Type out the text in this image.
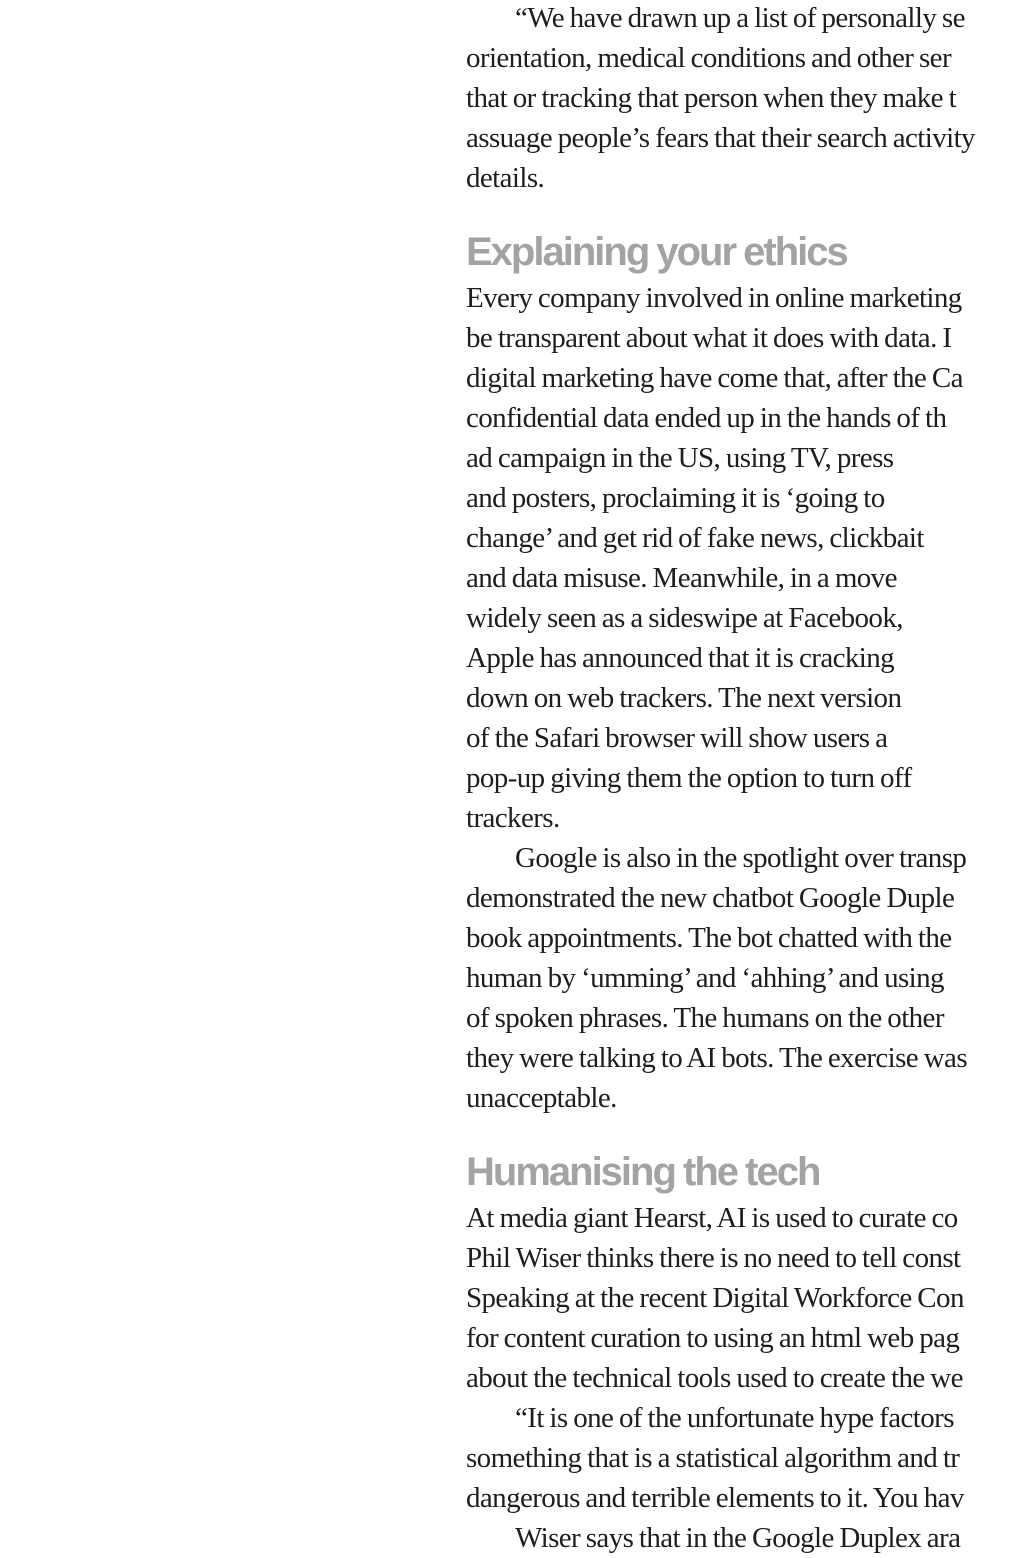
“We have drawn up a list of personally se
orientation, medical conditions and other ser
that or tracking that person when they make t
assuage people’s fears that their search activity
details.
Explaining your ethics
Every company involved in online marketing
be transparent about what it does with data. I
digital marketing have come that, after the Ca
confidential data ended up in the hands of th
ad campaign in the US, using TV, press
and posters, proclaiming it is ‘going to
change’ and get rid of fake news, clickbait
and data misuse. Meanwhile, in a move
widely seen as a sideswipe at Facebook,
Apple has announced that it is cracking
down on web trackers. The next version
of the Safari browser will show users a
pop-up giving them the option to turn off
trackers.
Google is also in the spotlight over transp
demonstrated the new chatbot Google Duple
book appointments. The bot chatted with the
human by ‘umming’ and ‘ahhing’ and using
of spoken phrases. The humans on the other
they were talking to AI bots. The exercise was
unacceptable.
Humanising the tech
At media giant Hearst, AI is used to curate co
Phil Wiser thinks there is no need to tell const
Speaking at the recent Digital Workforce Con
for content curation to using an html web pag
about the technical tools used to create the we
“It is one of the unfortunate hype factors
something that is a statistical algorithm and tr
dangerous and terrible elements to it. You hav
Wiser says that in the Google Duplex ara
